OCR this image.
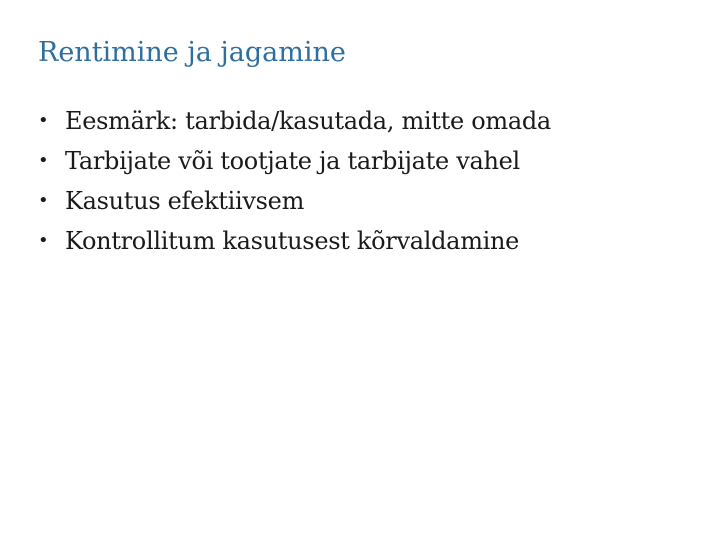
Rentimine ja jagamine
• Eesmärk: tarbida/kasutada, mitte omada
• Tarbijate või tootjate ja tarbijate vahel
• Kasutus efektiivsem
• Kontrollitum kasutusest kõrvaldamine
